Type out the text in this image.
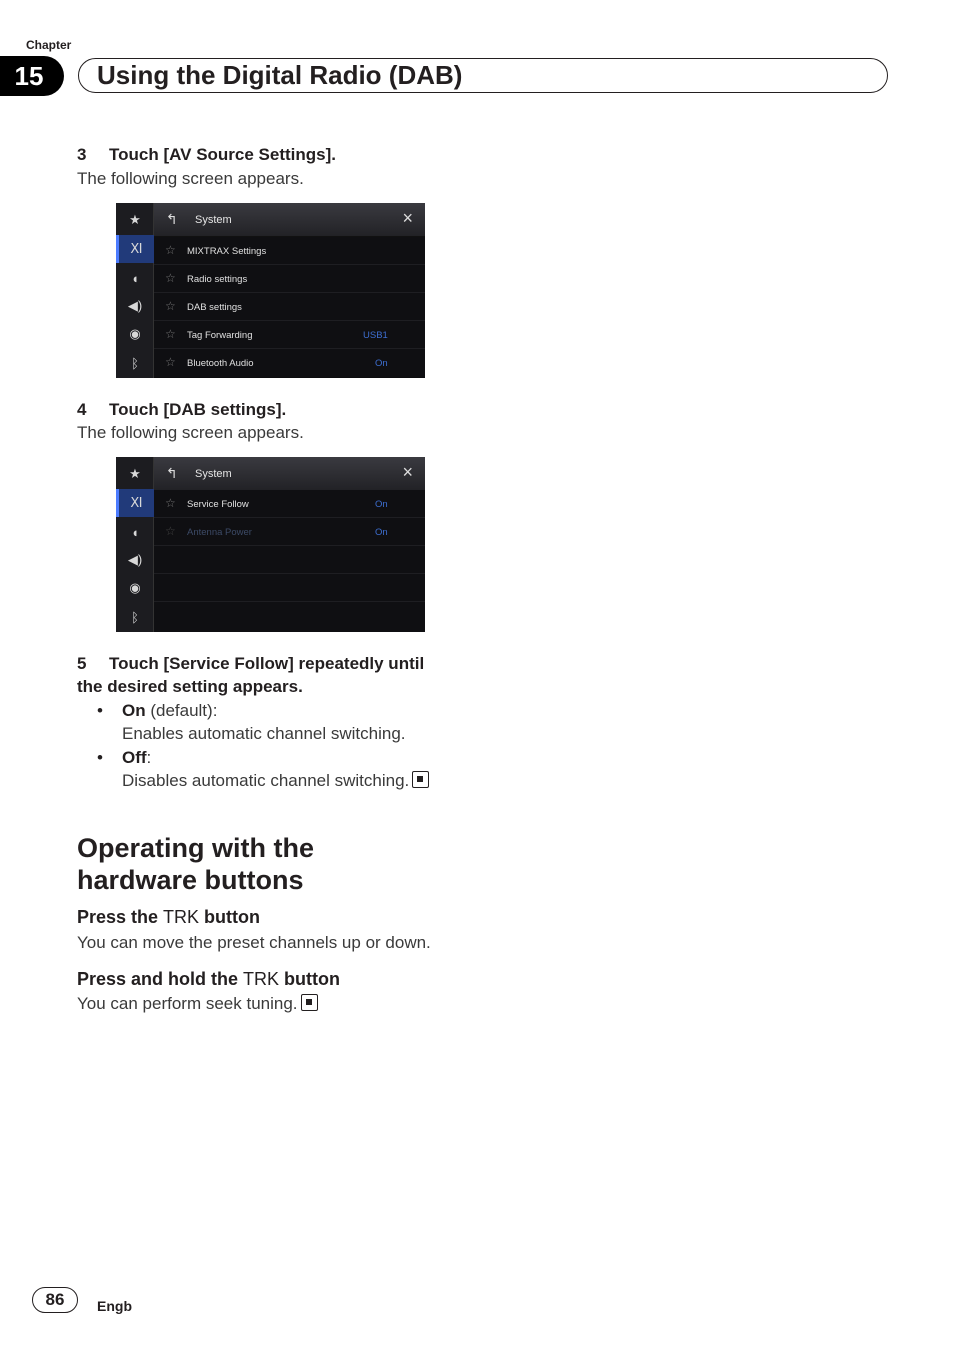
Chapter
15	Using the Digital Radio (DAB)
3 Touch [AV Source Settings].
The following screen appears.
★
Ⅺ
◖
◀)
◉
ᛒ
↰ System	×
☆ MIXTRAX Settings
☆ Radio settings
☆ DAB settings
☆ Tag Forwarding	USB1
☆ Bluetooth Audio	On
4 Touch [DAB settings].
The following screen appears.
★
Ⅺ
◖
◀)
◉
ᛒ
↰ System	×
☆ Service Follow	On
☆ Antenna Power	On
5 Touch [Service Follow] repeatedly until
the desired setting appears.
• On (default):
Enables automatic channel switching.
• Off:
Disables automatic channel switching.
Operating with the
hardware buttons
Press the TRK button
You can move the preset channels up or down.
Press and hold the TRK button
You can perform seek tuning.
86	Engb
